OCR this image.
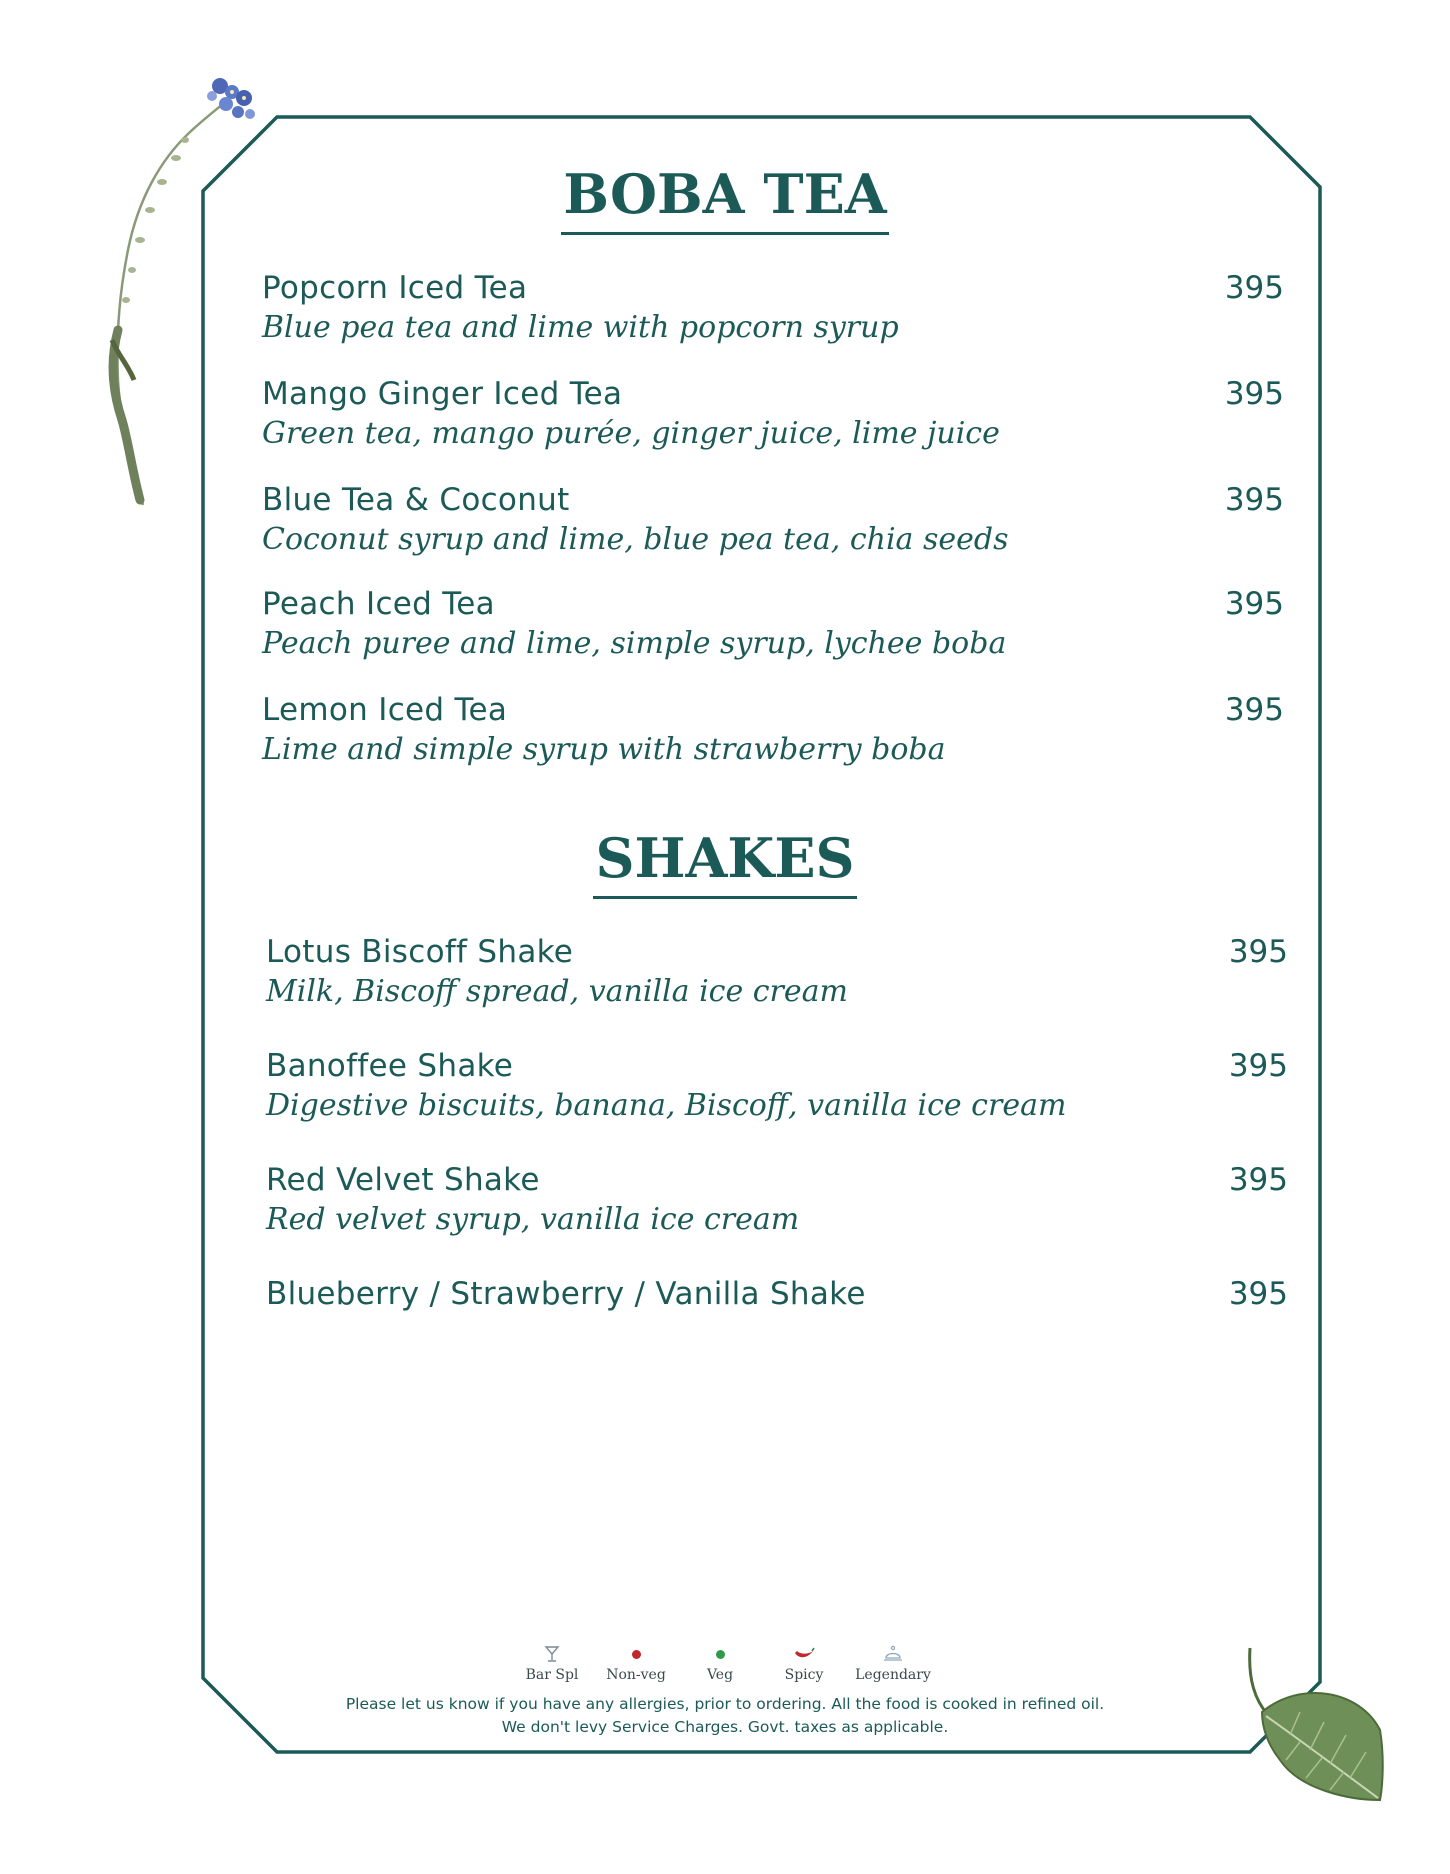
BOBA TEA
Popcorn Iced Tea	395
Blue pea tea and lime with popcorn syrup
Mango Ginger Iced Tea	395
Green tea, mango purée, ginger juice, lime juice
Blue Tea & Coconut	395
Coconut syrup and lime, blue pea tea, chia seeds
Peach Iced Tea	395
Peach puree and lime, simple syrup, lychee boba
Lemon Iced Tea	395
Lime and simple syrup with strawberry boba
SHAKES
Lotus Biscoff Shake	395
Milk, Biscoff spread, vanilla ice cream
Banoffee Shake	395
Digestive biscuits, banana, Biscoff, vanilla ice cream
Red Velvet Shake	395
Red velvet syrup, vanilla ice cream
Blueberry / Strawberry / Vanilla Shake	395
Bar Spl Non-veg	Veg	Spicy Legendary
Please let us know if you have any allergies, prior to ordering. All the food is cooked in refined oil.
We don't levy Service Charges. Govt. taxes as applicable.
